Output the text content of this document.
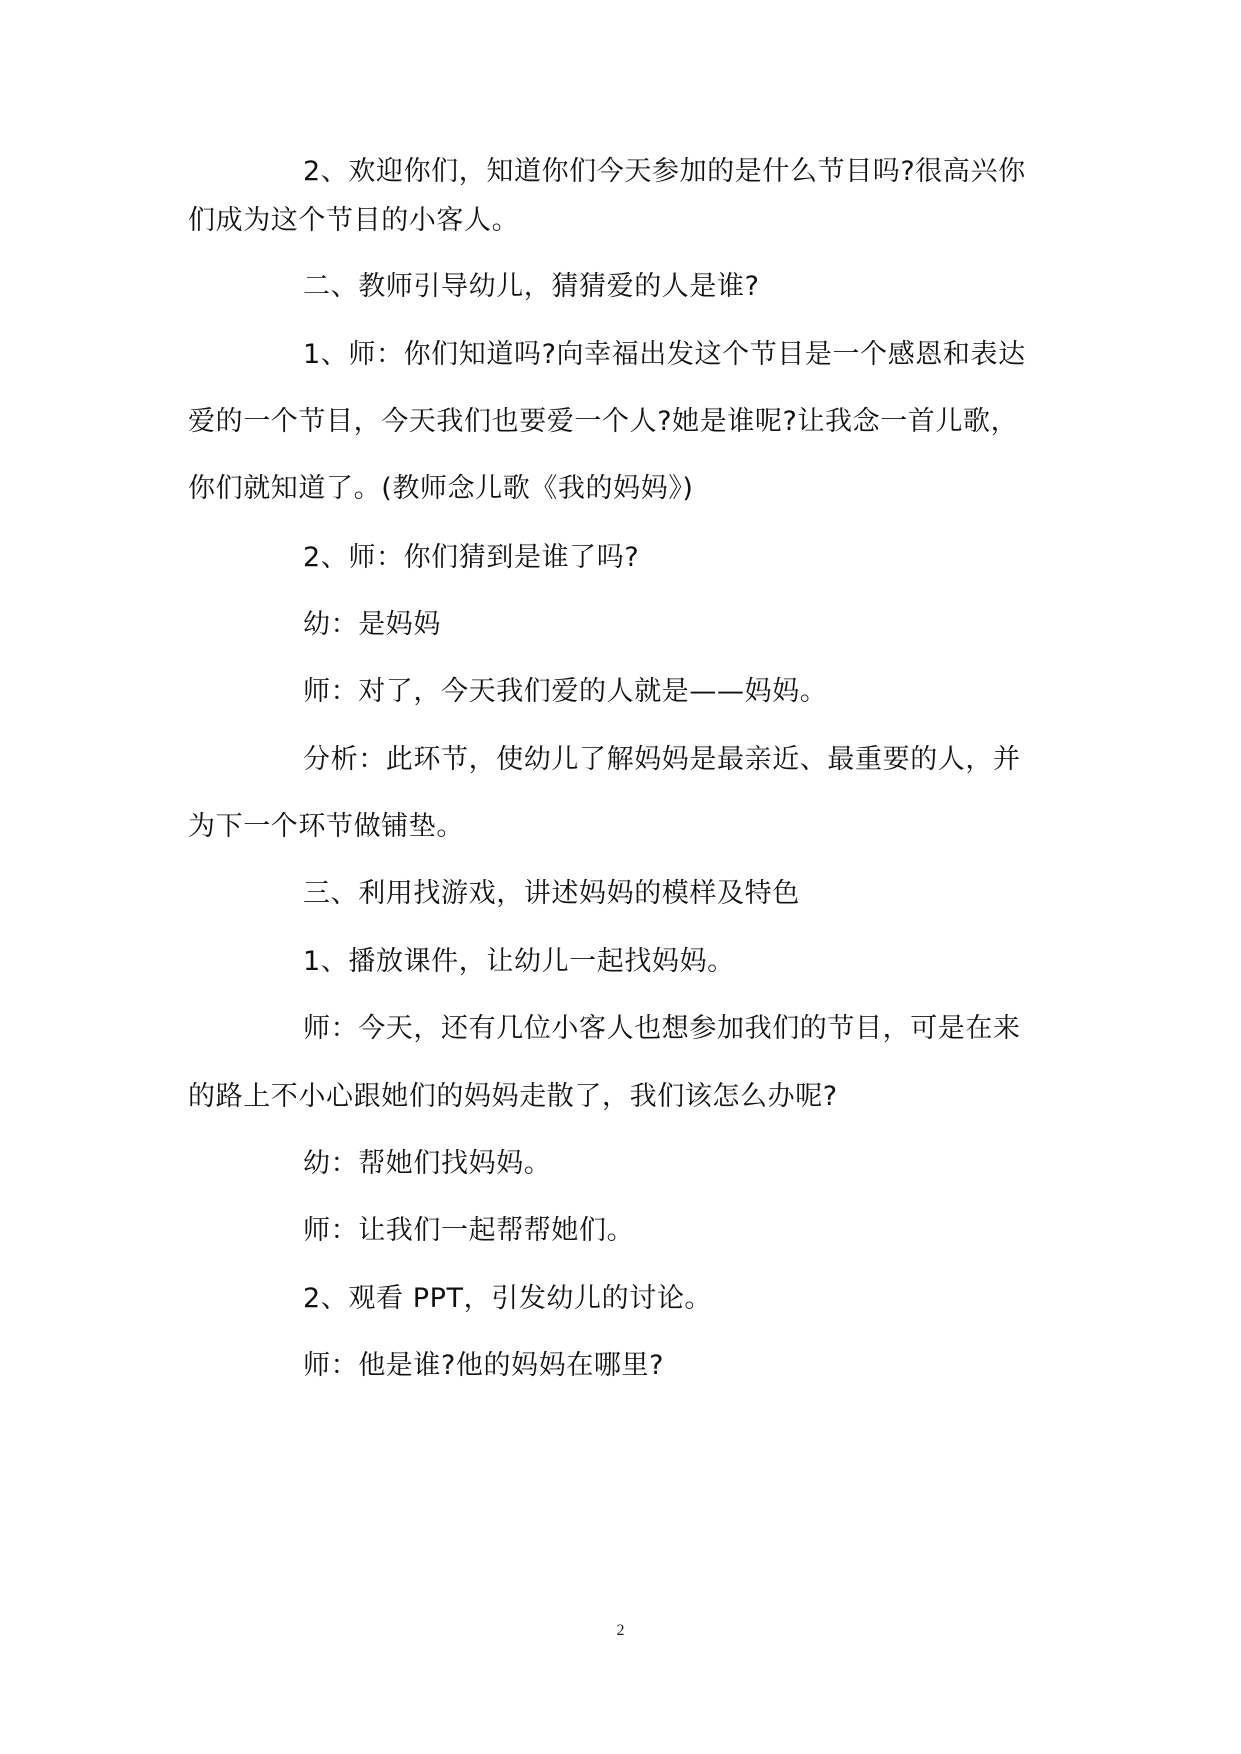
2、欢迎你们，知道你们今天参加的是什么节目吗?很高兴你
们成为这个节目的小客人。
二、教师引导幼儿，猜猜爱的人是谁?
1、师：你们知道吗?向幸福出发这个节目是一个感恩和表达
爱的一个节目，今天我们也要爱一个人?她是谁呢?让我念一首儿歌，
你们就知道了。(教师念儿歌《我的妈妈》)
2、师：你们猜到是谁了吗?
幼：是妈妈
师：对了，今天我们爱的人就是——妈妈。
分析：此环节，使幼儿了解妈妈是最亲近、最重要的人，并
为下一个环节做铺垫。
三、利用找游戏，讲述妈妈的模样及特色
1、播放课件，让幼儿一起找妈妈。
师：今天，还有几位小客人也想参加我们的节目，可是在来
的路上不小心跟她们的妈妈走散了，我们该怎么办呢?
幼：帮她们找妈妈。
师：让我们一起帮帮她们。
2、观看 PPT，引发幼儿的讨论。
师：他是谁?他的妈妈在哪里?
2
